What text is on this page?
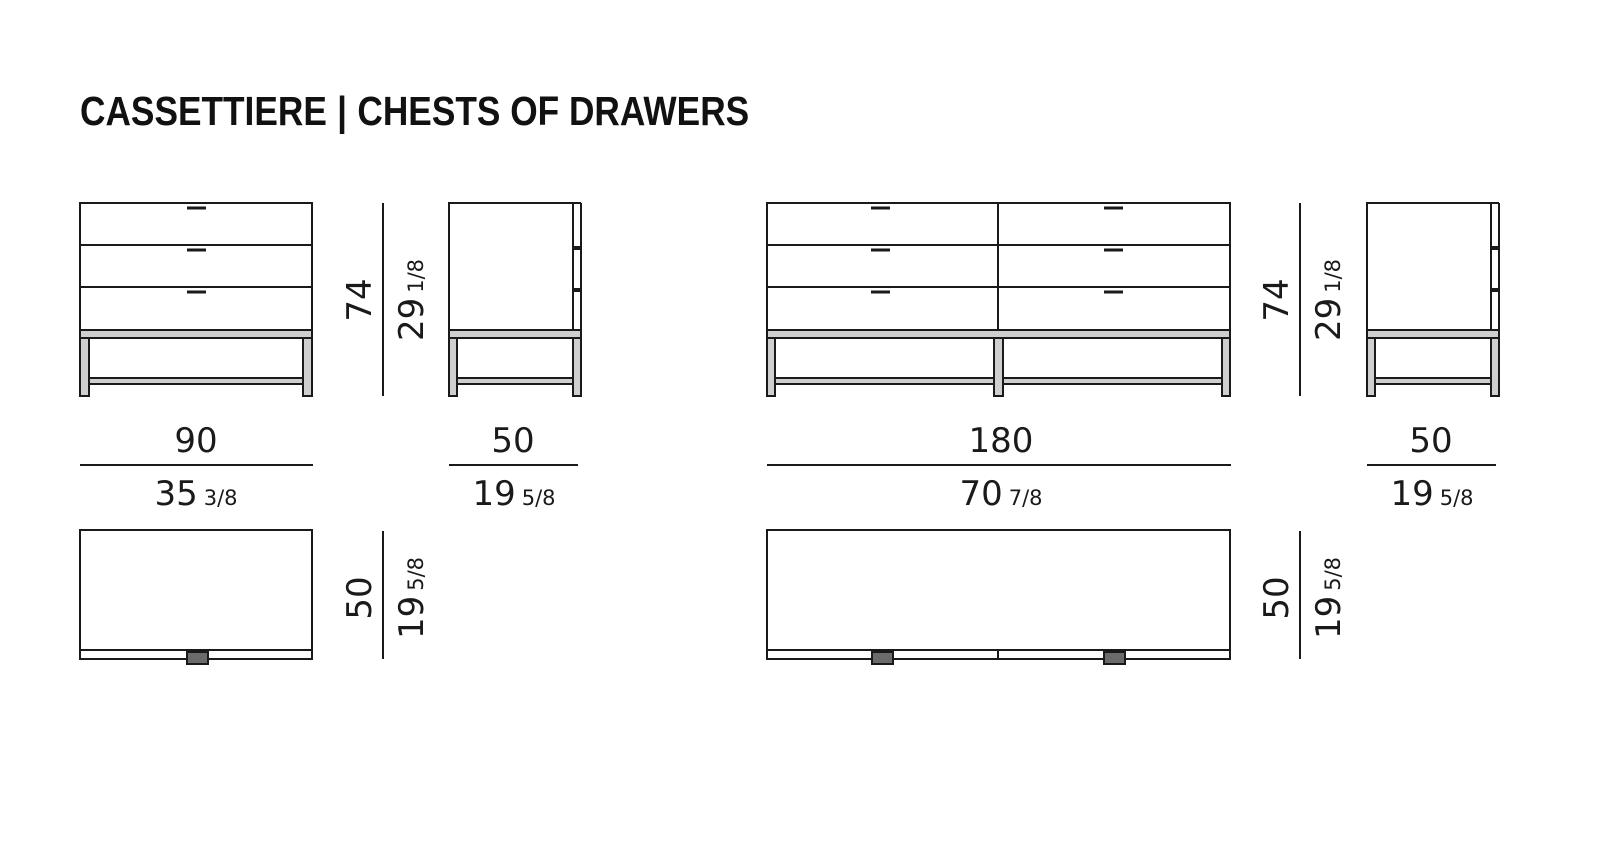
CASSETTIERE | CHESTS OF DRAWERS
90
35 3/8
50
19 5/8
74 291/8
50 195/8
180
70 7/8
50
19 5/8
74 291/8
50 195/8
